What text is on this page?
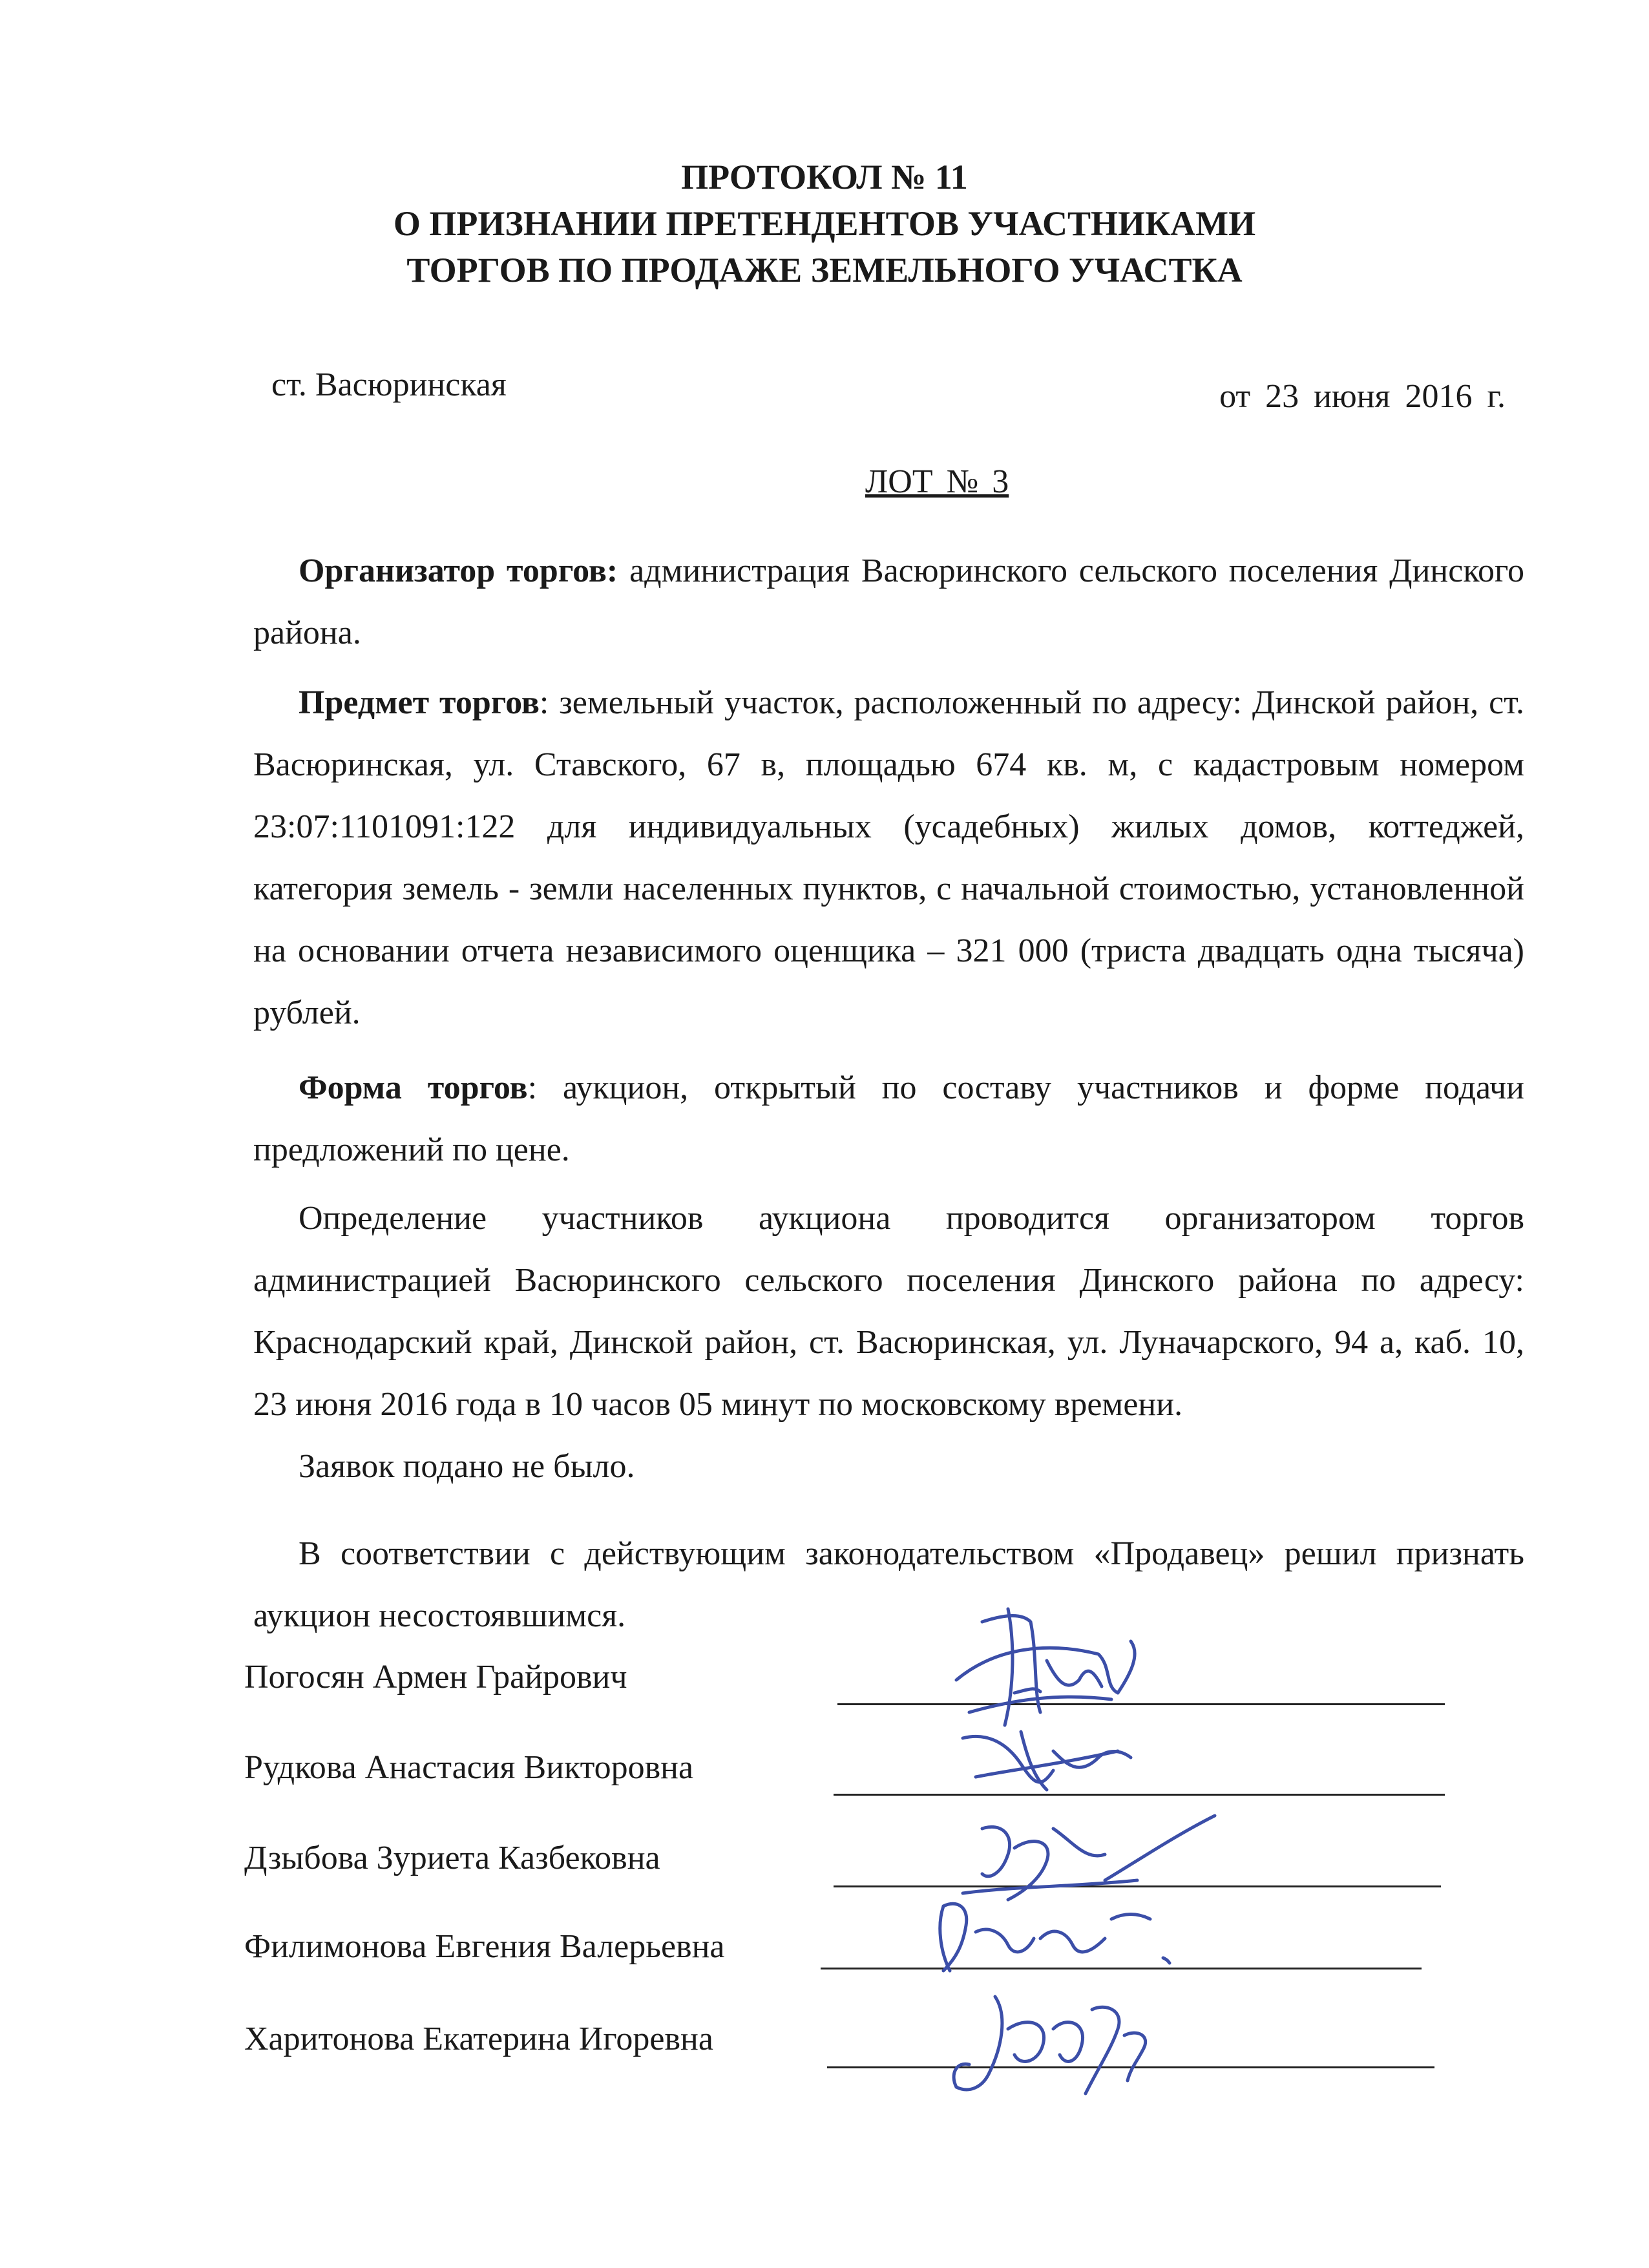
ПРОТОКОЛ № 11
О ПРИЗНАНИИ ПРЕТЕНДЕНТОВ УЧАСТНИКАМИ
ТОРГОВ ПО ПРОДАЖЕ ЗЕМЕЛЬНОГО УЧАСТКА
ст. Васюринская	от 23 июня 2016 г.
ЛОТ № 3

Организатор торгов: администрация Васюринского сельского поселения Динского района.

Предмет торгов: земельный участок, расположенный по адресу: Динской район, ст. Васюринская, ул. Ставского, 67 в, площадью 674 кв. м, с кадастровым номером 23:07:1101091:122 для индивидуальных (усадебных) жилых домов, коттеджей, категория земель - земли населенных пунктов, с начальной стоимостью, установленной на основании отчета независимого оценщика – 321 000 (триста двадцать одна тысяча) рублей.

Форма торгов: аукцион, открытый по составу участников и форме подачи предложений по цене.

Определение участников аукциона проводится организатором торгов администрацией Васюринского сельского поселения Динского района по адресу: Краснодарский край, Динской район, ст. Васюринская, ул. Луначарского, 94 а, каб. 10, 23 июня 2016 года в 10 часов 05 минут по московскому времени.

Заявок подано не было.

В соответствии с действующим законодательством «Продавец» решил признать аукцион несостоявшимся.

Погосян Армен Грайрович
Рудкова Анастасия Викторовна
Дзыбова Зуриета Казбековна
Филимонова Евгения Валерьевна
Харитонова Екатерина Игоревна
